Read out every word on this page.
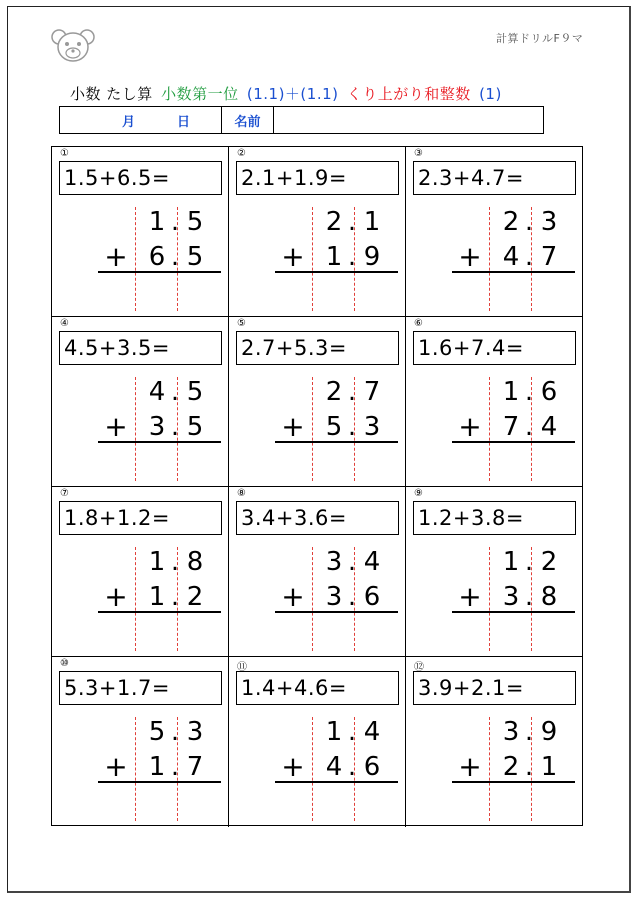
計算ドリルF９マ
小数 たし算 小数第一位 (1.1)＋(1.1) くり上がり和整数 (1)
月	日	名前
①
1.5+6.5=
1 . 5
6 . 5
+
②
2.1+1.9=
2 . 1
1 . 9
+
③
2.3+4.7=
2 . 3
4 . 7
+
④
4.5+3.5=
4 . 5
3 . 5
+
⑤
2.7+5.3=
2 . 7
5 . 3
+
⑥
1.6+7.4=
1 . 6
7 . 4
+
⑦
1.8+1.2=
1 . 8
1 . 2
+
⑧
3.4+3.6=
3 . 4
3 . 6
+
⑨
1.2+3.8=
1 . 2
3 . 8
+
⑩
5.3+1.7=
5 . 3
1 . 7
+
⑪
1.4+4.6=
1 . 4
4 . 6
+
⑫
3.9+2.1=
3 . 9
2 . 1
+
